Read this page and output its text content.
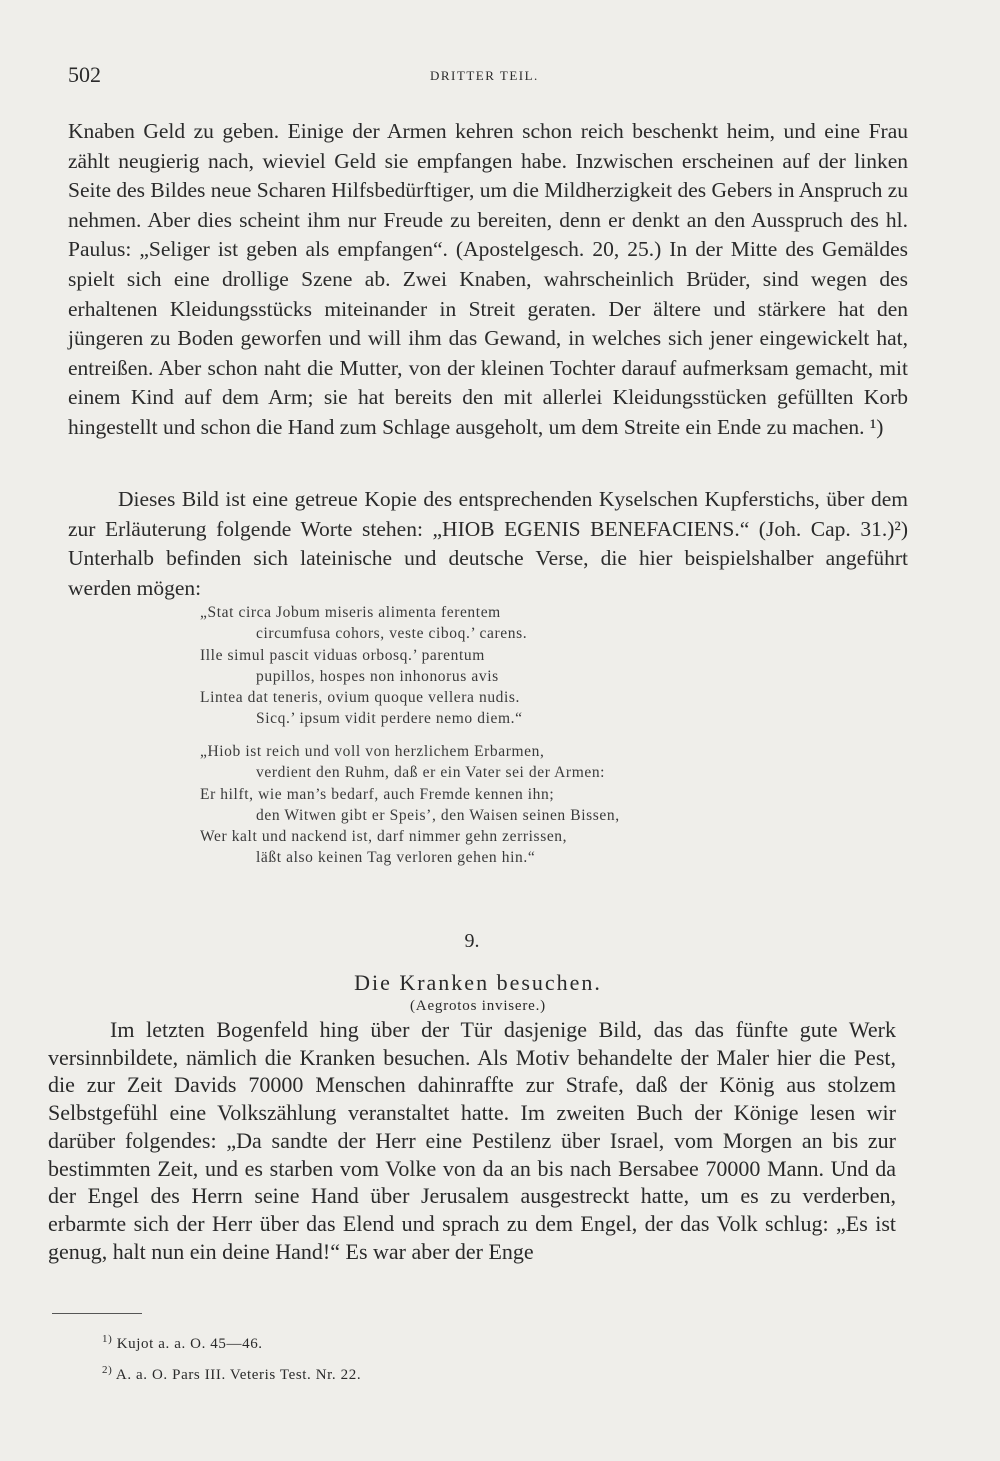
502	DRITTER TEIL.
Knaben Geld zu geben. Einige der Armen kehren schon reich beschenkt heim, und eine Frau zählt neugierig nach, wieviel Geld sie empfangen habe. Inzwischen erscheinen auf der linken Seite des Bildes neue Scharen Hilfsbedürftiger, um die Mildherzigkeit des Gebers in Anspruch zu nehmen. Aber dies scheint ihm nur Freude zu bereiten, denn er denkt an den Ausspruch des hl. Paulus: „Seliger ist geben als empfangen“. (Apostelgesch. 20, 25.) In der Mitte des Gemäldes spielt sich eine drollige Szene ab. Zwei Knaben, wahrscheinlich Brüder, sind wegen des erhaltenen Kleidungsstücks miteinander in Streit geraten. Der ältere und stärkere hat den jüngeren zu Boden geworfen und will ihm das Gewand, in welches sich jener eingewickelt hat, entreißen. Aber schon naht die Mutter, von der kleinen Tochter darauf aufmerksam gemacht, mit einem Kind auf dem Arm; sie hat bereits den mit allerlei Kleidungsstücken gefüllten Korb hingestellt und schon die Hand zum Schlage ausgeholt, um dem Streite ein Ende zu machen. ¹)
Dieses Bild ist eine getreue Kopie des entsprechenden Kyselschen Kupferstichs, über dem zur Erläuterung folgende Worte stehen: „HIOB EGENIS BENEFACIENS.“ (Joh. Cap. 31.)²) Unterhalb befinden sich lateinische und deutsche Verse, die hier beispielshalber angeführt werden mögen:
„Stat circa Jobum miseris alimenta ferentem
circumfusa cohors, veste ciboq.’ carens.
Ille simul pascit viduas orbosq.’ parentum
pupillos, hospes non inhonorus avis
Lintea dat teneris, ovium quoque vellera nudis.
Sicq.’ ipsum vidit perdere nemo diem.“
„Hiob ist reich und voll von herzlichem Erbarmen,
verdient den Ruhm, daß er ein Vater sei der Armen:
Er hilft, wie man’s bedarf, auch Fremde kennen ihn;
den Witwen gibt er Speis’, den Waisen seinen Bissen,
Wer kalt und nackend ist, darf nimmer gehn zerrissen,
läßt also keinen Tag verloren gehen hin.“
9.
Die Kranken besuchen.
(Aegrotos invisere.)
Im letzten Bogenfeld hing über der Tür dasjenige Bild, das das fünfte gute Werk versinnbildete, nämlich die Kranken besuchen. Als Motiv behandelte der Maler hier die Pest, die zur Zeit Davids 70000 Menschen dahinraffte zur Strafe, daß der König aus stolzem Selbstgefühl eine Volkszählung veranstaltet hatte. Im zweiten Buch der Könige lesen wir darüber folgendes: „Da sandte der Herr eine Pestilenz über Israel, vom Morgen an bis zur bestimmten Zeit, und es starben vom Volke von da an bis nach Bersabee 70000 Mann. Und da der Engel des Herrn seine Hand über Jerusalem ausgestreckt hatte, um es zu verderben, erbarmte sich der Herr über das Elend und sprach zu dem Engel, der das Volk schlug: „Es ist genug, halt nun ein deine Hand!“ Es war aber der Enge
$^{1)}$ Kujot a. a. O. 45—46.
$^{2)}$ A. a. O. Pars III. Veteris Test. Nr. 22.
